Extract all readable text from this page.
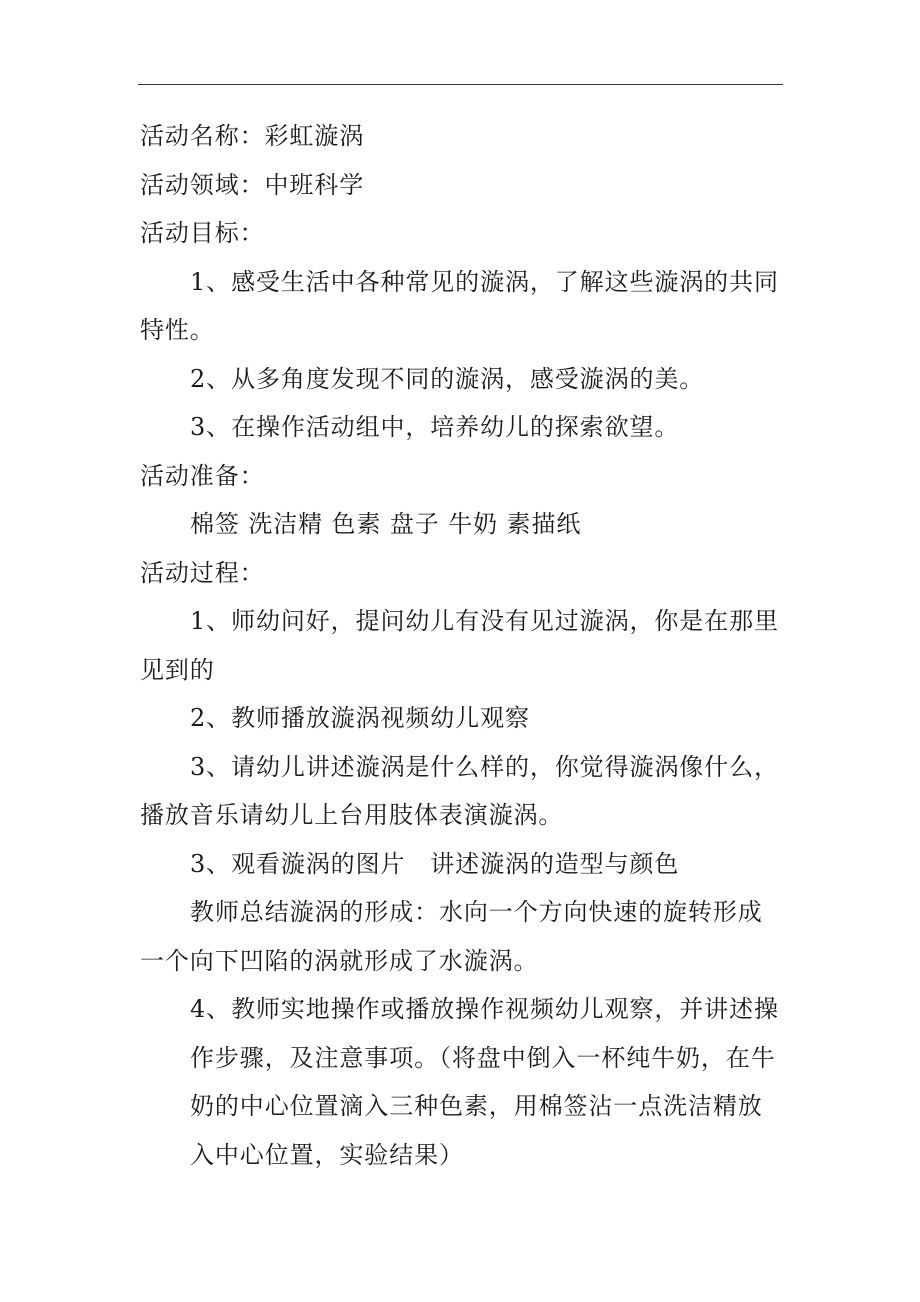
活动名称：彩虹漩涡
活动领域：中班科学
活动目标：
1、感受生活中各种常见的漩涡，了解这些漩涡的共同特性。
2、从多角度发现不同的漩涡，感受漩涡的美。
3、在操作活动组中，培养幼儿的探索欲望。
活动准备：
棉签 洗洁精 色素 盘子 牛奶 素描纸
活动过程：
1、师幼问好，提问幼儿有没有见过漩涡，你是在那里见到的
2、教师播放漩涡视频幼儿观察
3、请幼儿讲述漩涡是什么样的，你觉得漩涡像什么，播放音乐请幼儿上台用肢体表演漩涡。
3、观看漩涡的图片　讲述漩涡的造型与颜色
教师总结漩涡的形成：水向一个方向快速的旋转形成一个向下凹陷的涡就形成了水漩涡。
4、教师实地操作或播放操作视频幼儿观察，并讲述操作步骤，及注意事项。（将盘中倒入一杯纯牛奶，在牛奶的中心位置滴入三种色素，用棉签沾一点洗洁精放入中心位置，实验结果）
